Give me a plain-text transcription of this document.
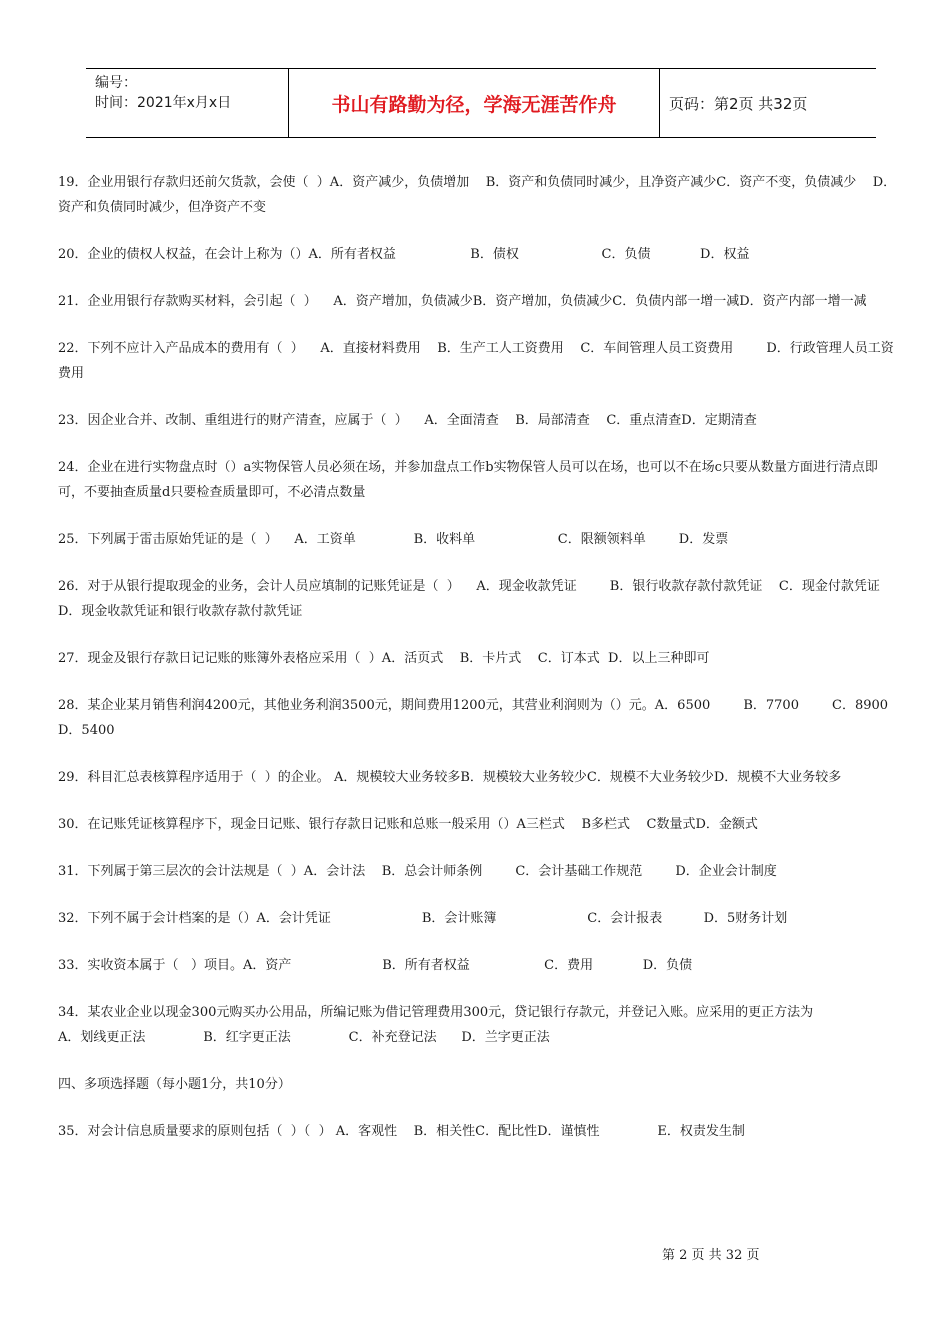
编号：
时间：2021年x月x日	书山有路勤为径，学海无涯苦作舟	页码：第2页 共32页

19．企业用银行存款归还前欠货款，会使（  ）A．资产减少，负债增加    B．资产和负债同时减少，且净资产减少C．资产不变，负债减少    D．资产和负债同时减少，但净资产不变

20．企业的债权人权益，在会计上称为（）A．所有者权益                  B．债权                    C．负债            D．权益

21．企业用银行存款购买材料，会引起（  ）    A．资产增加，负债减少B．资产增加，负债减少C．负债内部一增一减D．资产内部一增一减

22．下列不应计入产品成本的费用有（  ）    A．直接材料费用    B．生产工人工资费用    C．车间管理人员工资费用        D．行政管理人员工资费用

23．因企业合并、改制、重组进行的财产清查，应属于（  ）    A．全面清查    B．局部清查    C．重点清查D．定期清查

24．企业在进行实物盘点时（）a实物保管人员必须在场，并参加盘点工作b实物保管人员可以在场，也可以不在场c只要从数量方面进行清点即可，不要抽查质量d只要检查质量即可，不必清点数量

25．下列属于雷击原始凭证的是（  ）    A．工资单              B．收料单                    C．限额领料单        D．发票

26．对于从银行提取现金的业务，会计人员应填制的记账凭证是（  ）    A．现金收款凭证        B．银行收款存款付款凭证    C．现金付款凭证      D．现金收款凭证和银行收款存款付款凭证

27．现金及银行存款日记记账的账簿外表格应采用（  ）A．活页式    B．卡片式    C．订本式  D．以上三种即可

28．某企业某月销售利润4200元，其他业务利润3500元，期间费用1200元，其营业利润则为（）元。A．6500        B．7700        C．8900    D．5400

29．科目汇总表核算程序适用于（  ）的企业。 A．规模较大业务较多B．规模较大业务较少C．规模不大业务较少D．规模不大业务较多

30．在记账凭证核算程序下，现金日记账、银行存款日记账和总账一般采用（）A三栏式    B多栏式    C数量式D．金额式

31．下列属于第三层次的会计法规是（  ）A．会计法    B．总会计师条例        C．会计基础工作规范        D．企业会计制度

32．下列不属于会计档案的是（）A．会计凭证                      B．会计账簿                      C．会计报表          D．5财务计划

33．实收资本属于（   ）项目。A．资产                      B．所有者权益                  C．费用            D．负债

34．某农业企业以现金300元购买办公用品，所编记账为借记管理费用300元，贷记银行存款元，并登记入账。应采用的更正方法为                  A．划线更正法              B．红字更正法              C．补充登记法      D．兰字更正法

四、多项选择题（每小题1分，共10分）

35．对会计信息质量要求的原则包括（  ）（  ） A．客观性    B．相关性C．配比性D．谨慎性              E．权责发生制

第 2 页 共 32 页
